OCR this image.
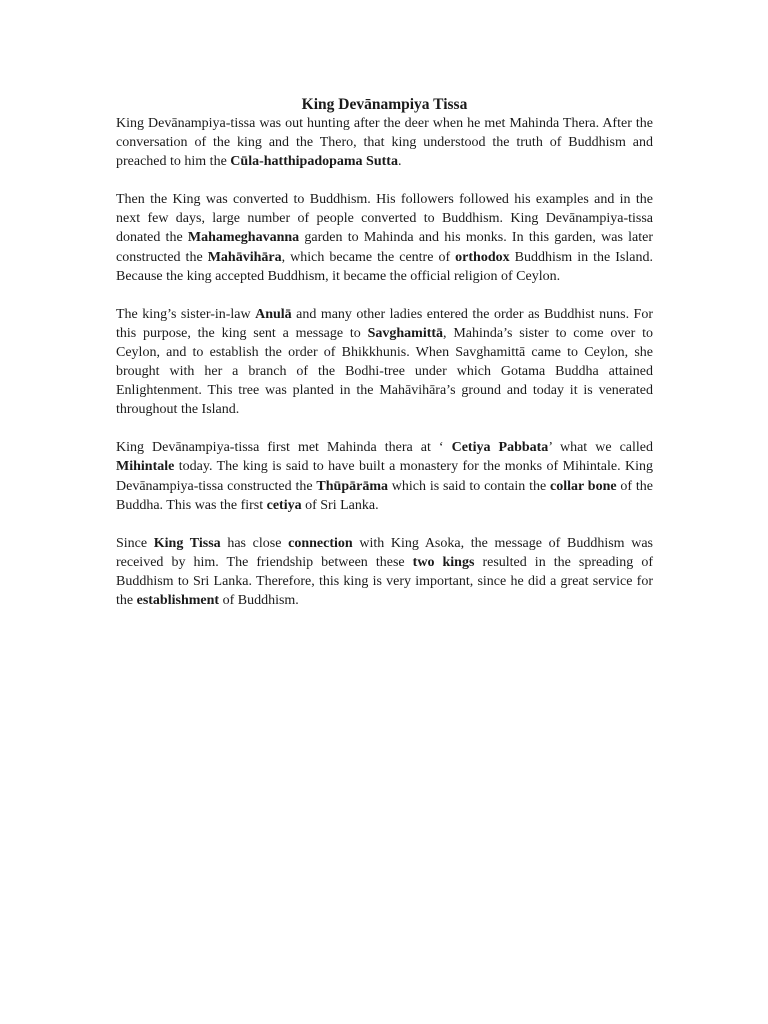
King Devānampiya Tissa

King Devānampiya-tissa was out hunting after the deer when he met Mahinda Thera. After the conversation of the king and the Thero, that king understood the truth of Buddhism and preached to him the Cūla-hatthipadopama Sutta.

Then the King was converted to Buddhism. His followers followed his examples and in the next few days, large number of people converted to Buddhism. King Devānampiya-tissa donated the Mahameghavanna garden to Mahinda and his monks. In this garden, was later constructed the Mahāvihāra, which became the centre of orthodox Buddhism in the Island. Because the king accepted Buddhism, it became the official religion of Ceylon.

The king’s sister-in-law Anulā and many other ladies entered the order as Buddhist nuns. For this purpose, the king sent a message to Savghamittā, Mahinda’s sister to come over to Ceylon, and to establish the order of Bhikkhunis. When Savghamittā came to Ceylon, she brought with her a branch of the Bodhi-tree under which Gotama Buddha attained Enlightenment. This tree was planted in the Mahāvihāra’s ground and today it is venerated throughout the Island.

King Devānampiya-tissa first met Mahinda thera at ‘ Cetiya Pabbata’ what we called Mihintale today. The king is said to have built a monastery for the monks of Mihintale. King Devānampiya-tissa constructed the Thūpārāma which is said to contain the collar bone of the Buddha. This was the first cetiya of Sri Lanka.

Since King Tissa has close connection with King Asoka, the message of Buddhism was received by him. The friendship between these two kings resulted in the spreading of Buddhism to Sri Lanka. Therefore, this king is very important, since he did a great service for the establishment of Buddhism.
